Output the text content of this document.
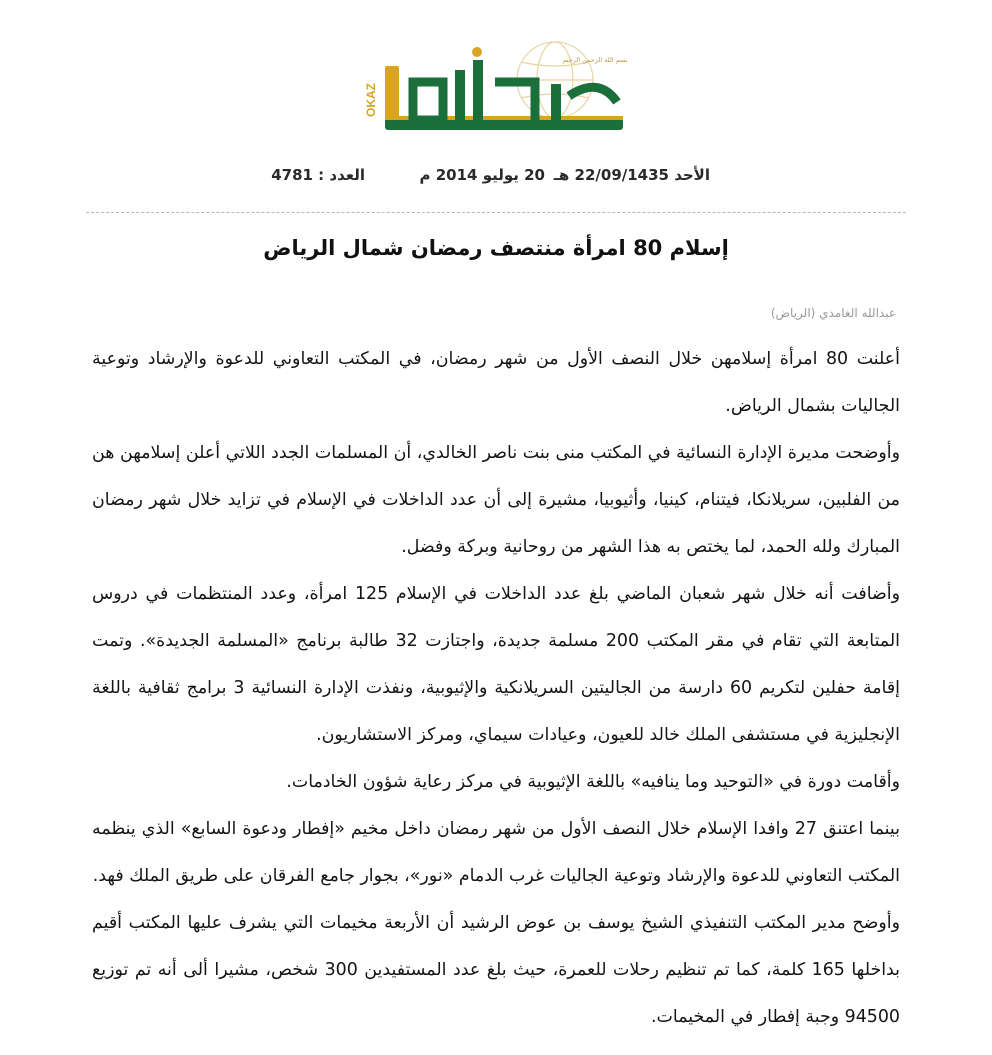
OKAZ
بسم الله الرحمن الرحيم
الأحد 22/09/1435 هـ
20 يوليو 2014 م
العدد : 4781
إسلام 80 امرأة منتصف رمضان شمال الرياض
عبدالله الغامدي (الرياض)

أعلنت 80 امرأة إسلامهن خلال النصف الأول من شهر رمضان، في المكتب التعاوني للدعوة والإرشاد وتوعية الجاليات بشمال الرياض.

وأوضحت مديرة الإدارة النسائية في المكتب منى بنت ناصر الخالدي، أن المسلمات الجدد اللاتي أعلن إسلامهن هن من الفلبين، سريلانكا، فيتنام، كينيا، وأثيوبيا، مشيرة إلى أن عدد الداخلات في الإسلام في تزايد خلال شهر رمضان المبارك ولله الحمد، لما يختص به هذا الشهر من روحانية وبركة وفضل.

وأضافت أنه خلال شهر شعبان الماضي بلغ عدد الداخلات في الإسلام 125 امرأة، وعدد المنتظمات في دروس المتابعة التي تقام في مقر المكتب 200 مسلمة جديدة، واجتازت 32 طالبة برنامج «المسلمة الجديدة». وتمت إقامة حفلين لتكريم 60 دارسة من الجاليتين السريلانكية والإثيوبية، ونفذت الإدارة النسائية 3 برامج ثقافية باللغة الإنجليزية في مستشفى الملك خالد للعيون، وعيادات سيماي، ومركز الاستشاريون.

وأقامت دورة في «التوحيد وما ينافيه» باللغة الإثيوبية في مركز رعاية شؤون الخادمات.

بينما اعتنق 27 وافدا الإسلام خلال النصف الأول من شهر رمضان داخل مخيم «إفطار ودعوة السابع» الذي ينظمه المكتب التعاوني للدعوة والإرشاد وتوعية الجاليات غرب الدمام «نور»، بجوار جامع الفرقان على طريق الملك فهد.

وأوضح مدير المكتب التنفيذي الشيخ يوسف بن عوض الرشيد أن الأربعة مخيمات التي يشرف عليها المكتب أقيم بداخلها 165 كلمة، كما تم تنظيم رحلات للعمرة، حيث بلغ عدد المستفيدين 300 شخص، مشيرا ألى أنه تم توزيع 94500 وجبة إفطار في المخيمات.
